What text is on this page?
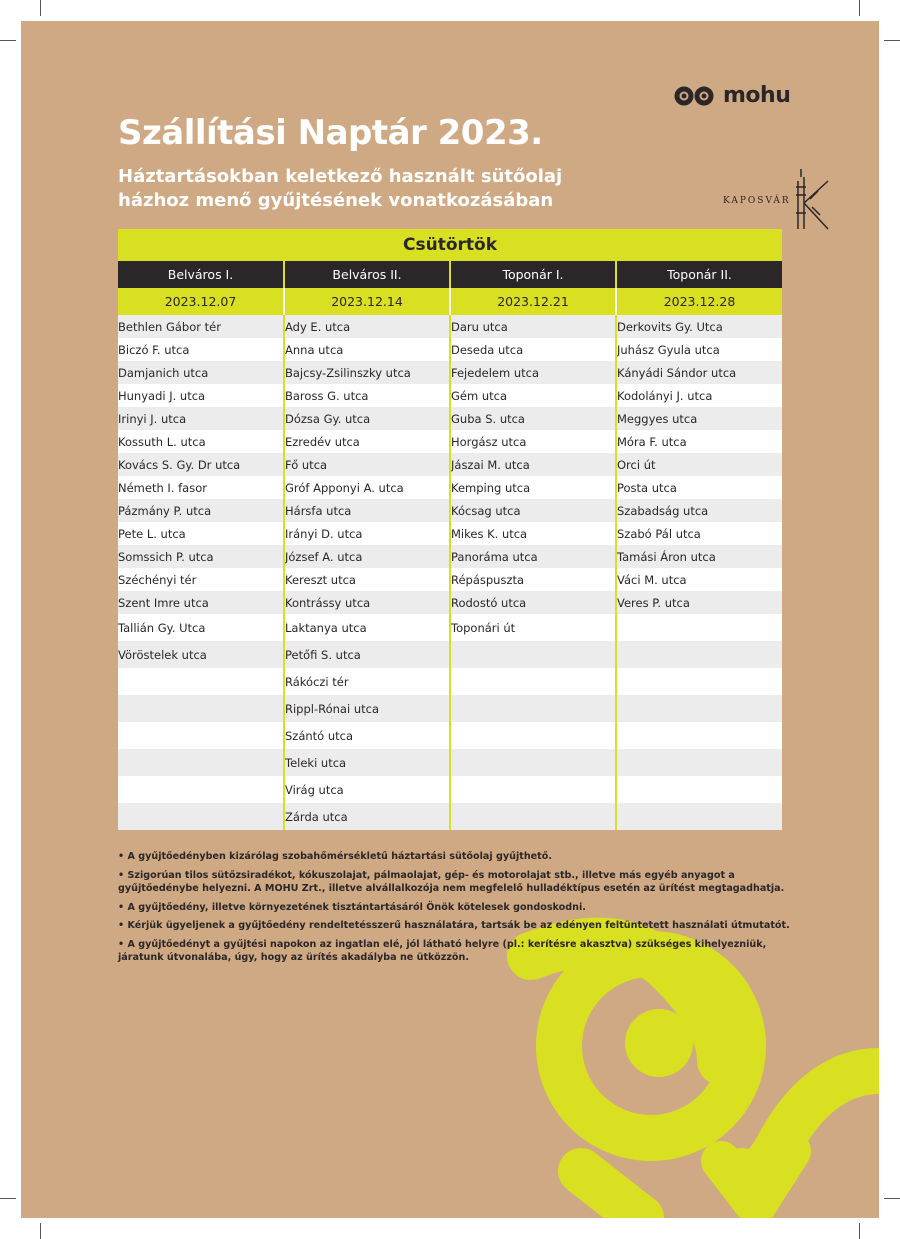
mohu
KAPOSVÁR
Szállítási Naptár 2023.
Háztartásokban keletkező használt sütőolaj
házhoz menő gyűjtésének vonatkozásában
Csütörtök			
Belváros I.	Belváros II.	Toponár I.	Toponár II.
2023.12.07	2023.12.14	2023.12.21	2023.12.28
Bethlen Gábor tér	Ady E. utca	Daru utca	Derkovits Gy. Utca
Biczó F. utca	Anna utca	Deseda utca	Juhász Gyula utca
Damjanich utca	Bajcsy-Zsilinszky utca	Fejedelem utca	Kányádi Sándor utca
Hunyadi J. utca	Baross G. utca	Gém utca	Kodolányi J. utca
Irinyi J. utca	Dózsa Gy. utca	Guba S. utca	Meggyes utca
Kossuth L. utca	Ezredév utca	Horgász utca	Móra F. utca
Kovács S. Gy. Dr utca	Fő utca	Jászai M. utca	Orci út
Németh I. fasor	Gróf Apponyi A. utca	Kemping utca	Posta utca
Pázmány P. utca	Hársfa utca	Kócsag utca	Szabadság utca
Pete L. utca	Irányi D. utca	Mikes K. utca	Szabó Pál utca
Somssich P. utca	József A. utca	Panoráma utca	Tamási Áron utca
Széchényi tér	Kereszt utca	Répáspuszta	Váci M. utca
Szent Imre utca	Kontrássy utca	Rodostó utca	Veres P. utca
Tallián Gy. Utca	Laktanya utca	Toponári út	
Vöröstelek utca	Petőfi S. utca		
	Rákóczi tér		
	Rippl-Rónai utca		
	Szántó utca		
	Teleki utca		
	Virág utca		
	Zárda utca		

• A gyűjtőedényben kizárólag szobahőmérsékletű háztartási sütőolaj gyűjthető.

• Szigorúan tilos sütőzsiradékot, kókuszolajat, pálmaolajat, gép- és motorolajat stb., illetve más egyéb anyagot a gyűjtőedénybe helyezni. A MOHU Zrt., illetve alvállalkozója nem megfelelő hulladéktípus esetén az ürítést megtagadhatja.

• A gyűjtőedény, illetve környezetének tisztántartásáról Önök kötelesek gondoskodni.

• Kérjük ügyeljenek a gyűjtőedény rendeltetésszerű használatára, tartsák be az edényen feltüntetett használati útmutatót.

• A gyűjtőedényt a gyűjtési napokon az ingatlan elé, jól látható helyre (pl.: kerítésre akasztva) szükséges kihelyezniük, járatunk útvonalába, úgy, hogy az ürítés akadályba ne ütközzön.
